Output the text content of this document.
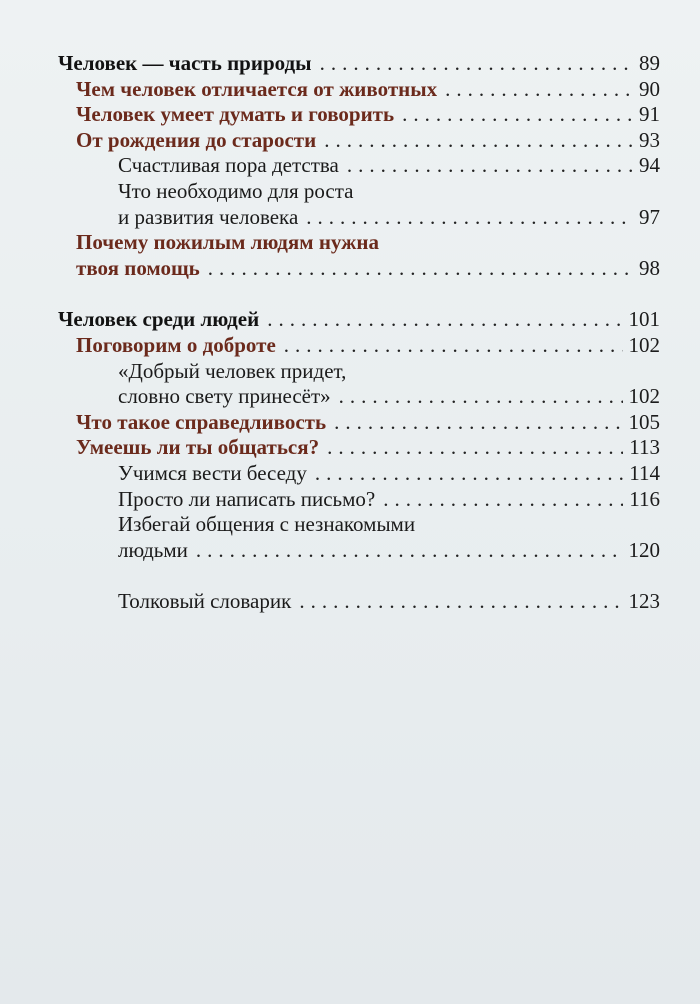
Человек — часть природы .....	89
Чем человек отличается от животных .....	90
Человек умеет думать и говорить .....	91
От рождения до старости .....	93
Счастливая пора детства .....	94
Что необходимо для роста
и развития человека .....	97
Почему пожилым людям нужна
твоя помощь .....	98
Человек среди людей .....	101
Поговорим о доброте .....	102
«Добрый человек придет,
словно свету принесёт» .....	102
Что такое справедливость .....	105
Умеешь ли ты общаться? .....	113
Учимся вести беседу .....	114
Просто ли написать письмо? .....	116
Избегай общения с незнакомыми
людьми .....	120
Толковый словарик .....	123
